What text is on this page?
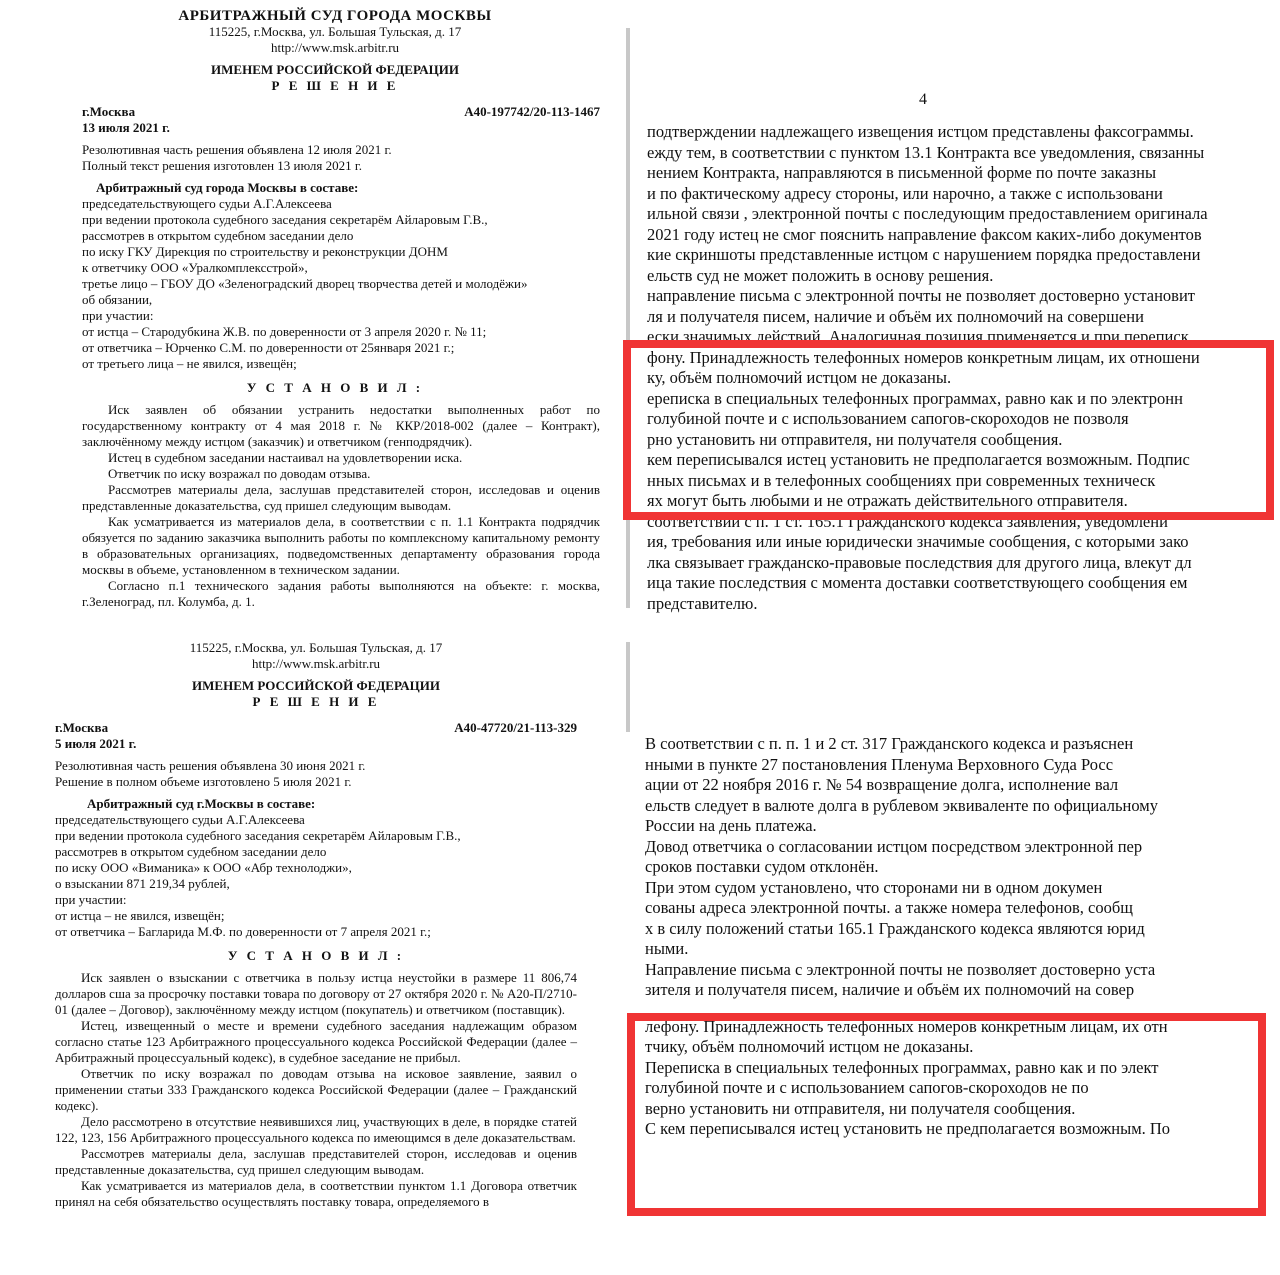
АРБИТРАЖНЫЙ СУД ГОРОДА МОСКВЫ
115225, г.Москва, ул. Большая Тульская, д. 17
http://www.msk.arbitr.ru
ИМЕНЕМ РОССИЙСКОЙ ФЕДЕРАЦИИ
Р Е Ш Е Н И Е
г.Москва	А40-197742/20-113-1467
13 июля 2021 г.
Резолютивная часть решения объявлена 12 июля 2021 г.
Полный текст решения изготовлен 13 июля 2021 г.
Арбитражный суд города Москвы в составе:
председательствующего судьи А.Г.Алексеева
при ведении протокола судебного заседания секретарём Айларовым Г.В.,
рассмотрев в открытом судебном заседании дело
по иску ГКУ Дирекция по строительству и реконструкции ДОНМ
к ответчику ООО «Уралкомплексстрой»,
третье лицо – ГБОУ ДО «Зеленоградский дворец творчества детей и молодёжи»
об обязании,
при участии:
от истца – Стародубкина Ж.В. по доверенности от 3 апреля 2020 г. № 11;
от ответчика – Юрченко С.М. по доверенности от 25января 2021 г.;
от третьего лица – не явился, извещён;
У С Т А Н О В И Л :

Иск заявлен об обязании устранить недостатки выполненных работ по государственному контракту от 4 мая 2018 г. № ККР/2018-002 (далее – Контракт), заключённому между истцом (заказчик) и ответчиком (генподрядчик).

Истец в судебном заседании настаивал на удовлетворении иска.

Ответчик по иску возражал по доводам отзыва.

Рассмотрев материалы дела, заслушав представителей сторон, исследовав и оценив представленные доказательства, суд пришел следующим выводам.

Как усматривается из материалов дела, в соответствии с п. 1.1 Контракта подрядчик обязуется по заданию заказчика выполнить работы по комплексному капитальному ремонту в образовательных организациях, подведомственных департаменту образования города москвы в объеме, установленном в техническом задании.

Согласно п.1 технического задания работы выполняются на объекте: г. москва, г.Зеленоград, пл. Колумба, д. 1.

115225, г.Москва, ул. Большая Тульская, д. 17
http://www.msk.arbitr.ru
ИМЕНЕМ РОССИЙСКОЙ ФЕДЕРАЦИИ
Р Е Ш Е Н И Е
г.Москва	А40-47720/21-113-329
5 июля 2021 г.
Резолютивная часть решения объявлена 30 июня 2021 г.
Решение в полном объеме изготовлено 5 июля 2021 г.
Арбитражный суд г.Москвы в составе:
председательствующего судьи А.Г.Алексеева
при ведении протокола судебного заседания секретарём Айларовым Г.В.,
рассмотрев в открытом судебном заседании дело
по иску ООО «Виманика» к ООО «Абр технолоджи»,
о взыскании 871 219,34 рублей,
при участии:
от истца – не явился, извещён;
от ответчика – Багларида М.Ф. по доверенности от 7 апреля 2021 г.;
У С Т А Н О В И Л :

Иск заявлен о взыскании с ответчика в пользу истца неустойки в размере 11 806,74 долларов сша за просрочку поставки товара по договору от 27 октября 2020 г. № А20-П/2710-01 (далее – Договор), заключённому между истцом (покупатель) и ответчиком (поставщик).

Истец, извещенный о месте и времени судебного заседания надлежащим образом согласно статье 123 Арбитражного процессуального кодекса Российской Федерации (далее – Арбитражный процессуальный кодекс), в судебное заседание не прибыл.

Ответчик по иску возражал по доводам отзыва на исковое заявление, заявил о применении статьи 333 Гражданского кодекса Российской Федерации (далее – Гражданский кодекс).

Дело рассмотрено в отсутствие неявившихся лиц, участвующих в деле, в порядке статей 122, 123, 156 Арбитражного процессуального кодекса по имеющимся в деле доказательствам.

Рассмотрев материалы дела, заслушав представителей сторон, исследовав и оценив представленные доказательства, суд пришел следующим выводам.

Как усматривается из материалов дела, в соответствии пунктом 1.1 Договора ответчик принял на себя обязательство осуществлять поставку товара, определяемого в

4
подтверждении надлежащего извещения истцом представлены факсограммы.
ежду тем, в соответствии с пунктом 13.1 Контракта все уведомления, связанны
нением Контракта, направляются в письменной форме по почте заказны
и по фактическому адресу стороны, или нарочно, а также с использовани
ильной связи , электронной почты с последующим предоставлением оригинала
2021 году истец не смог пояснить направление факсом каких-либо документов
кие скриншоты представленные истцом с нарушением порядка предоставлени
ельств суд не может положить в основу решения.
направление письма с электронной почты не позволяет достоверно установит
ля и получателя писем, наличие и объём их полномочий на совершени
ески значимых действий. Аналогичная позиция применяется и при переписк
фону. Принадлежность телефонных номеров конкретным лицам, их отношени
ку, объём полномочий истцом не доказаны.
ереписка в специальных телефонных программах, равно как и по электронн
голубиной почте и с использованием сапогов-скороходов не позволя
рно установить ни отправителя, ни получателя сообщения.
кем переписывался истец установить не предполагается возможным. Подпис
нных письмах и в телефонных сообщениях при современных техническ
ях могут быть любыми и не отражать действительного отправителя.
соответствии с п. 1 ст. 165.1 Гражданского кодекса заявления, уведомлени
ия, требования или иные юридически значимые сообщения, с которыми зако
лка связывает гражданско-правовые последствия для другого лица, влекут дл
ица такие последствия с момента доставки соответствующего сообщения ем
представителю.
В соответствии с п. п. 1 и 2 ст. 317 Гражданского кодекса и разъяснен
нными в пункте 27 постановления Пленума Верховного Суда Росс
ации от 22 ноября 2016 г. № 54 возвращение долга, исполнение вал
ельств следует в валюте долга в рублевом эквиваленте по официальному
России на день платежа.
Довод ответчика о согласовании истцом посредством электронной пер
сроков поставки судом отклонён.
При этом судом установлено, что сторонами ни в одном докумен
сованы адреса электронной почты. а также номера телефонов, сообщ
х в силу положений статьи 165.1 Гражданского кодекса являются юрид
ными.
Направление письма с электронной почты не позволяет достоверно уста
зителя и получателя писем, наличие и объём их полномочий на совер
лефону. Принадлежность телефонных номеров конкретным лицам, их отн
тчику, объём полномочий истцом не доказаны.
Переписка в специальных телефонных программах, равно как и по элект
голубиной почте и с использованием сапогов-скороходов не по
верно установить ни отправителя, ни получателя сообщения.
С кем переписывался истец установить не предполагается возможным. По
